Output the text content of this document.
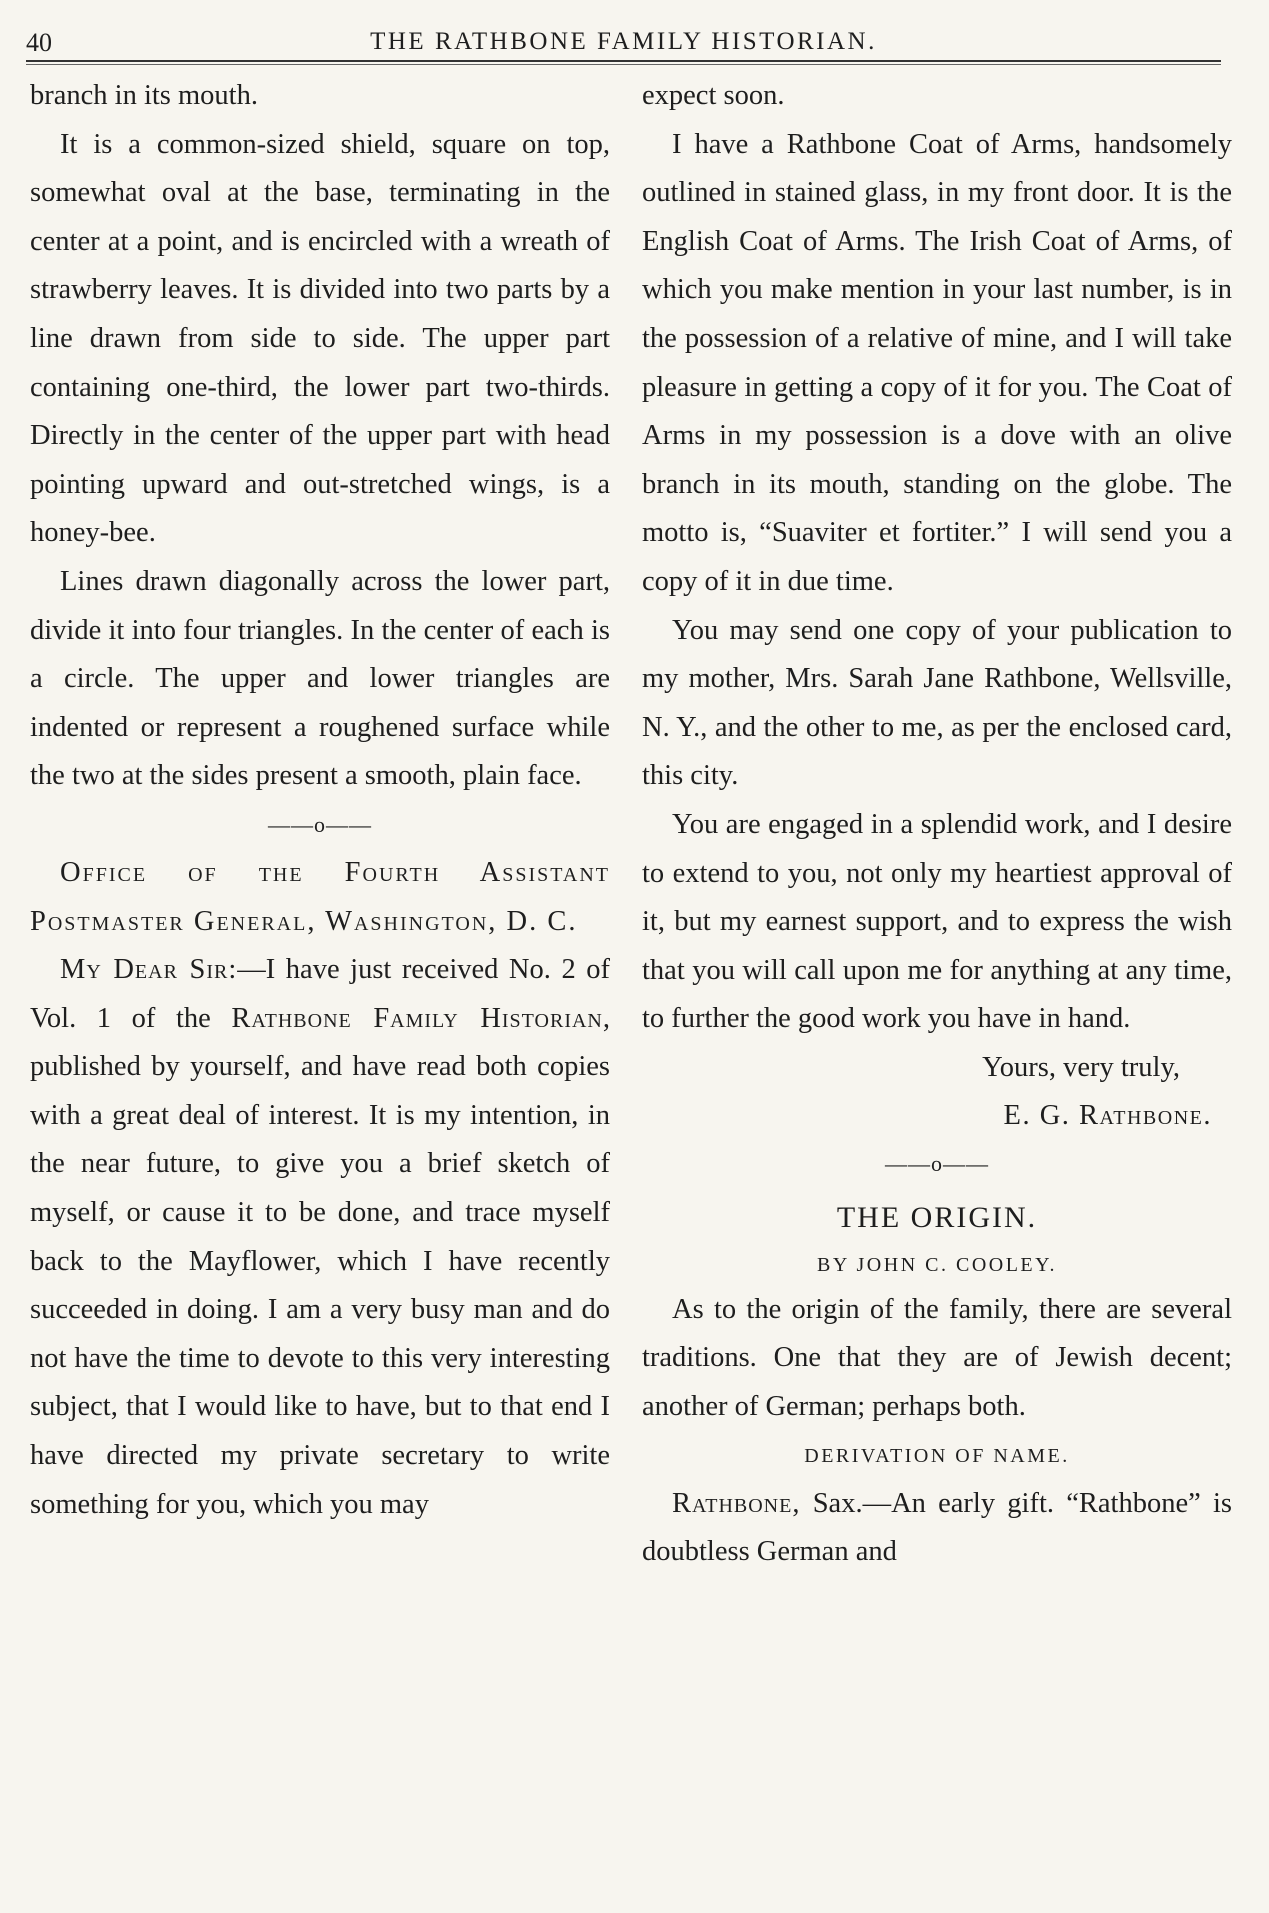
40	THE RATHBONE FAMILY HISTORIAN.

branch in its mouth.

It is a common-sized shield, square on top, somewhat oval at the base, terminating in the center at a point, and is encircled with a wreath of strawberry leaves. It is divided into two parts by a line drawn from side to side. The upper part containing one-third, the lower part two-thirds. Directly in the center of the upper part with head pointing upward and out-stretched wings, is a honey-bee.

Lines drawn diagonally across the lower part, divide it into four triangles. In the center of each is a circle. The upper and lower triangles are indented or represent a roughened surface while the two at the sides present a smooth, plain face.

——o——

Office of the Fourth Assistant Postmaster General, Washington, D. C.

My Dear Sir:—I have just received No. 2 of Vol. 1 of the Rathbone Family Historian, published by yourself, and have read both copies with a great deal of interest. It is my intention, in the near future, to give you a brief sketch of myself, or cause it to be done, and trace myself back to the Mayflower, which I have recently succeeded in doing. I am a very busy man and do not have the time to devote to this very interesting subject, that I would like to have, but to that end I have directed my private secretary to write something for you, which you may

expect soon.

I have a Rathbone Coat of Arms, handsomely outlined in stained glass, in my front door. It is the English Coat of Arms. The Irish Coat of Arms, of which you make mention in your last number, is in the possession of a relative of mine, and I will take pleasure in getting a copy of it for you. The Coat of Arms in my possession is a dove with an olive branch in its mouth, standing on the globe. The motto is, “Suaviter et fortiter.” I will send you a copy of it in due time.

You may send one copy of your publication to my mother, Mrs. Sarah Jane Rathbone, Wellsville, N. Y., and the other to me, as per the enclosed card, this city.

You are engaged in a splendid work, and I desire to extend to you, not only my heartiest approval of it, but my earnest support, and to express the wish that you will call upon me for anything at any time, to further the good work you have in hand.

Yours, very truly,
E. G. Rathbone.
——o——
THE ORIGIN.
BY JOHN C. COOLEY.

As to the origin of the family, there are several traditions. One that they are of Jewish decent; another of German; perhaps both.

DERIVATION OF NAME.

Rathbone, Sax.—An early gift. “Rathbone” is doubtless German and
